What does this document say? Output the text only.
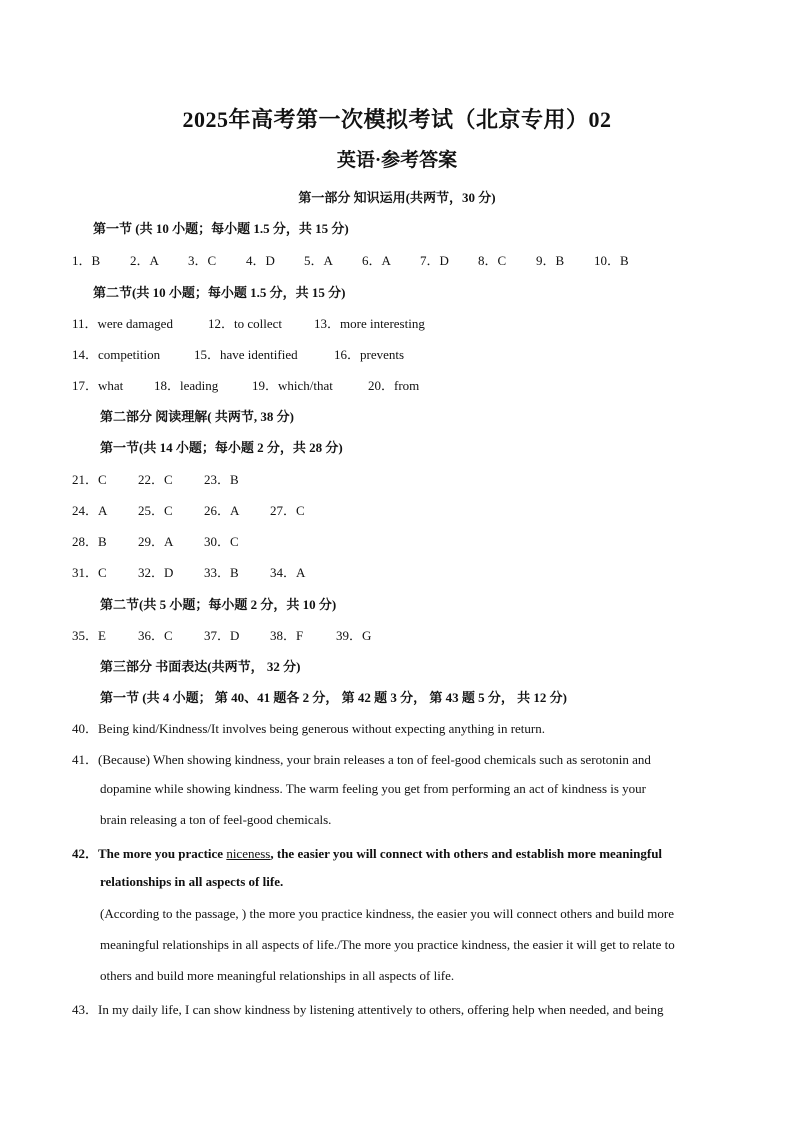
2025年高考第一次模拟考试（北京专用）02
英语·参考答案
第一部分 知识运用(共两节，30 分)
第一节 (共 10 小题；每小题 1.5 分，共 15 分)
1．B 2．A 3．C 4．D 5．A 6．A 7．D 8．C 9．B 10．B
第二节(共 10 小题；每小题 1.5 分，共 15 分)
11．were damaged	12．to collect 13．more interesting
14．competition	15．have identified	16．prevents
17．what 18．leading	19．which/that	20．from
第二部分 阅读理解( 共两节, 38 分)
第一节(共 14 小题；每小题 2 分，共 28 分)
21．C 22．C 23．B
24．A 25．C 26．A 27．C
28．B 29．A 30．C
31．C 32．D 33．B 34．A
第二节(共 5 小题；每小题 2 分，共 10 分)
35．E 36．C 37．D 38．F	39．G
第三部分 书面表达(共两节， 32 分)
第一节 (共 4 小题； 第 40、41 题各 2 分， 第 42 题 3 分， 第 43 题 5 分， 共 12 分)
40．Being kind/Kindness/It involves being generous without expecting anything in return.
41．(Because) When showing kindness, your brain releases a ton of feel-good chemicals such as serotonin and
dopamine while showing kindness. The warm feeling you get from performing an act of kindness is your
brain releasing a ton of feel-good chemicals.
42．The more you practice niceness, the easier you will connect with others and establish more meaningful
relationships in all aspects of life.
(According to the passage, ) the more you practice kindness, the easier you will connect others and build more
meaningful relationships in all aspects of life./The more you practice kindness, the easier it will get to relate to
others and build more meaningful relationships in all aspects of life.
43．In my daily life, I can show kindness by listening attentively to others, offering help when needed, and being
